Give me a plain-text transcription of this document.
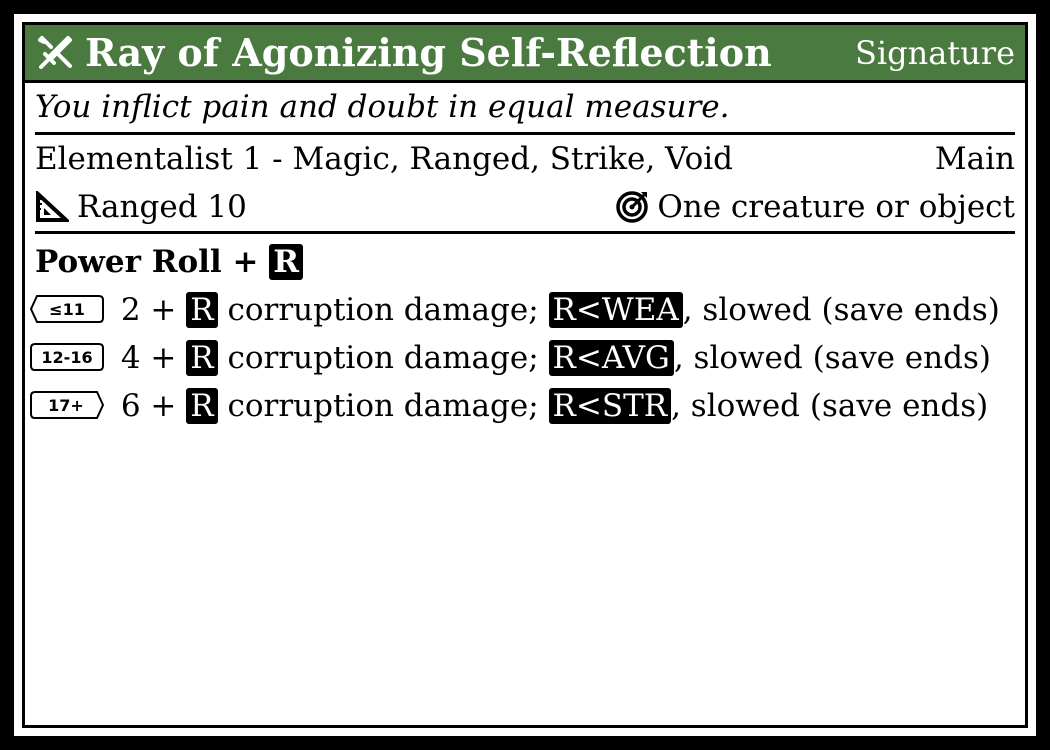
Ray of Agonizing Self-Reflection	Signature
You inflict pain and doubt in equal measure.
Elementalist 1 - Magic, Ranged, Strike, Void	Main
Ranged 10	One creature or object
Power Roll + R
≤11 2 + R corruption damage; R<WEA , slowed (save ends)
12-16 4 + R corruption damage; R<AVG , slowed (save ends)
17+ 6 + R corruption damage; R<STR , slowed (save ends)
